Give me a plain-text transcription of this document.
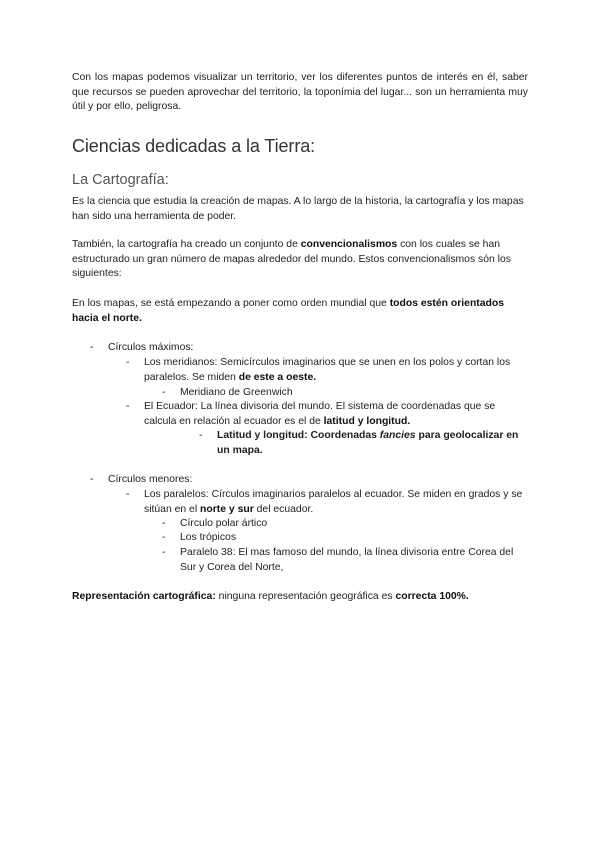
Con los mapas podemos visualizar un territorio, ver los diferentes puntos de interés en él, saber que recursos se pueden aprovechar del territorio, la toponímia del lugar... son un herramienta muy útil y por ello, peligrosa.

Ciencias dedicadas a la Tierra:
La Cartografía:

Es la ciencia que estudia la creación de mapas. A lo largo de la historia, la cartografía y los mapas han sido una herramienta de poder.

También, la cartografía ha creado un conjunto de convencionalismos con los cuales se han estructurado un gran número de mapas alrededor del mundo. Estos convencionalismos són los siguientes:

En los mapas, se está empezando a poner como orden mundial que todos estén orientados hacia el norte.

- Círculos máximos:
- Los meridianos: Semicírculos imaginarios que se unen en los polos y cortan los paralelos. Se miden de este a oeste.
- Meridiano de Greenwich
- El Ecuador: La línea divisoria del mundo. El sistema de coordenadas que se calcula en relación al ecuador es el de latitud y longitud.
- Latitud y longitud: Coordenadas fancies para geolocalizar en un mapa.
- Círculos menores:
- Los paralelos: Círculos imaginarios paralelos al ecuador. Se miden en grados y se sitúan en el norte y sur del ecuador.
- Círculo polar ártico
- Los trópicos
- Paralelo 38: El mas famoso del mundo, la línea divisoria entre Corea del Sur y Corea del Norte,

Representación cartográfica: ninguna representación geográfica es correcta 100%.
